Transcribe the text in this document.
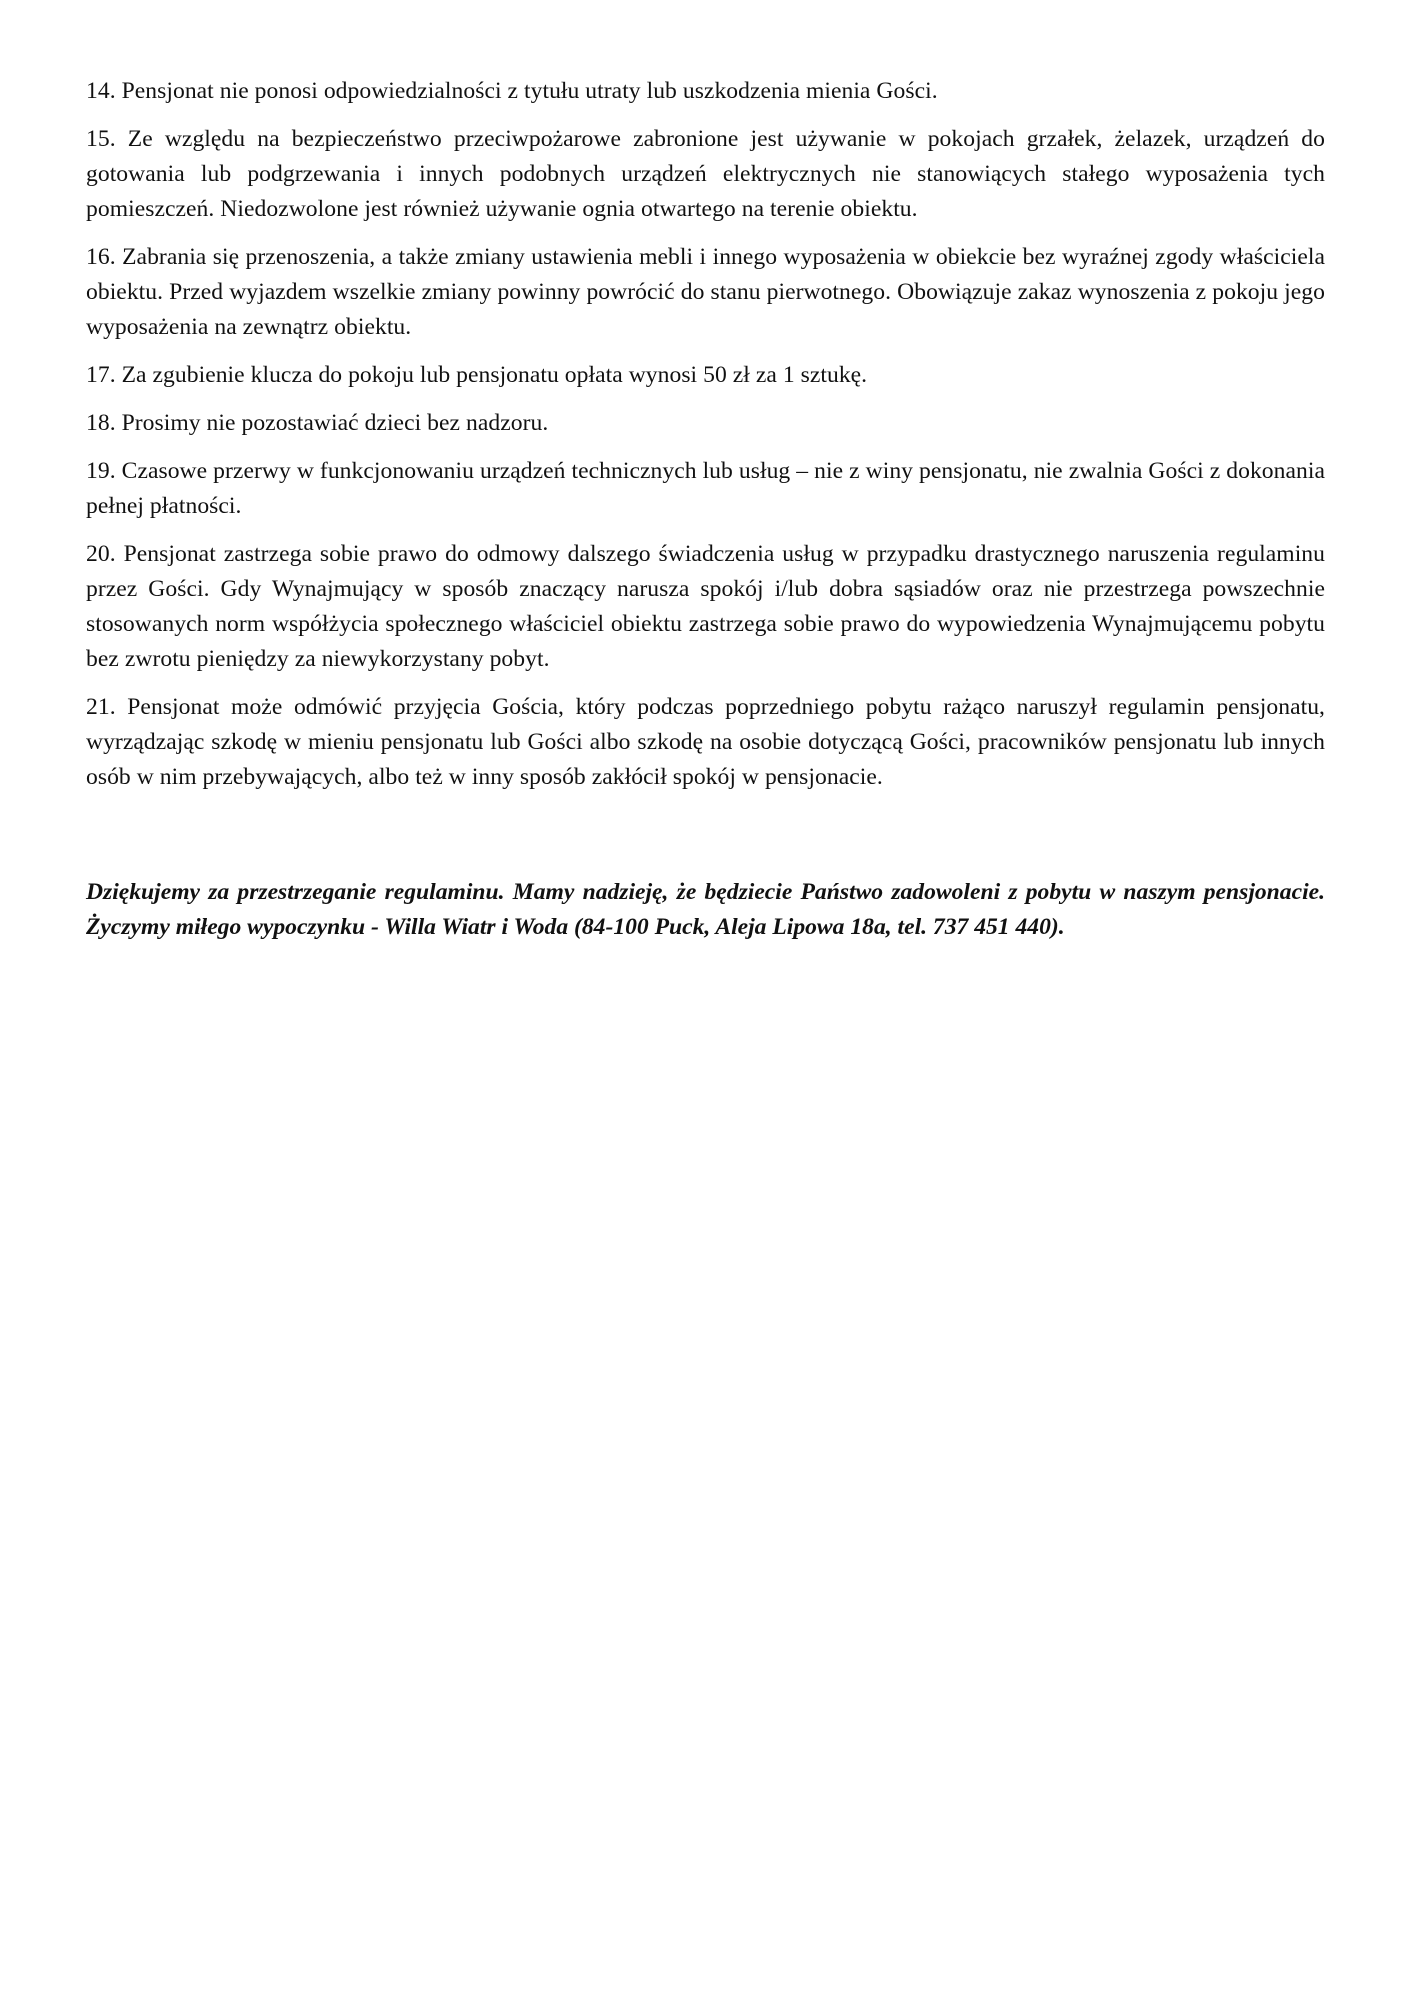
14. Pensjonat nie ponosi odpowiedzialności z tytułu utraty lub uszkodzenia mienia Gości.

15. Ze względu na bezpieczeństwo przeciwpożarowe zabronione jest używanie w pokojach grzałek, żelazek, urządzeń do gotowania lub podgrzewania i innych podobnych urządzeń elektrycznych nie stanowiących stałego wyposażenia tych pomieszczeń. Niedozwolone jest również używanie ognia otwartego na terenie obiektu.

16. Zabrania się przenoszenia, a także zmiany ustawienia mebli i innego wyposażenia w obiekcie bez wyraźnej zgody właściciela obiektu. Przed wyjazdem wszelkie zmiany powinny powrócić do stanu pierwotnego. Obowiązuje zakaz wynoszenia z pokoju jego wyposażenia na zewnątrz obiektu.

17. Za zgubienie klucza do pokoju lub pensjonatu opłata wynosi 50 zł za 1 sztukę.

18. Prosimy nie pozostawiać dzieci bez nadzoru.

19. Czasowe przerwy w funkcjonowaniu urządzeń technicznych lub usług – nie z winy pensjonatu, nie zwalnia Gości z dokonania pełnej płatności.

20. Pensjonat zastrzega sobie prawo do odmowy dalszego świadczenia usług w przypadku drastycznego naruszenia regulaminu przez Gości. Gdy Wynajmujący w sposób znaczący narusza spokój i/lub dobra sąsiadów oraz nie przestrzega powszechnie stosowanych norm współżycia społecznego właściciel obiektu zastrzega sobie prawo do wypowiedzenia Wynajmującemu pobytu bez zwrotu pieniędzy za niewykorzystany pobyt.

21. Pensjonat może odmówić przyjęcia Gościa, który podczas poprzedniego pobytu rażąco naruszył regulamin pensjonatu, wyrządzając szkodę w mieniu pensjonatu lub Gości albo szkodę na osobie dotyczącą Gości, pracowników pensjonatu lub innych osób w nim przebywających, albo też w inny sposób zakłócił spokój w pensjonacie.

Dziękujemy za przestrzeganie regulaminu. Mamy nadzieję, że będziecie Państwo zadowoleni z pobytu w naszym pensjonacie. Życzymy miłego wypoczynku - Willa Wiatr i Woda (84-100 Puck, Aleja Lipowa 18a, tel. 737 451 440).
